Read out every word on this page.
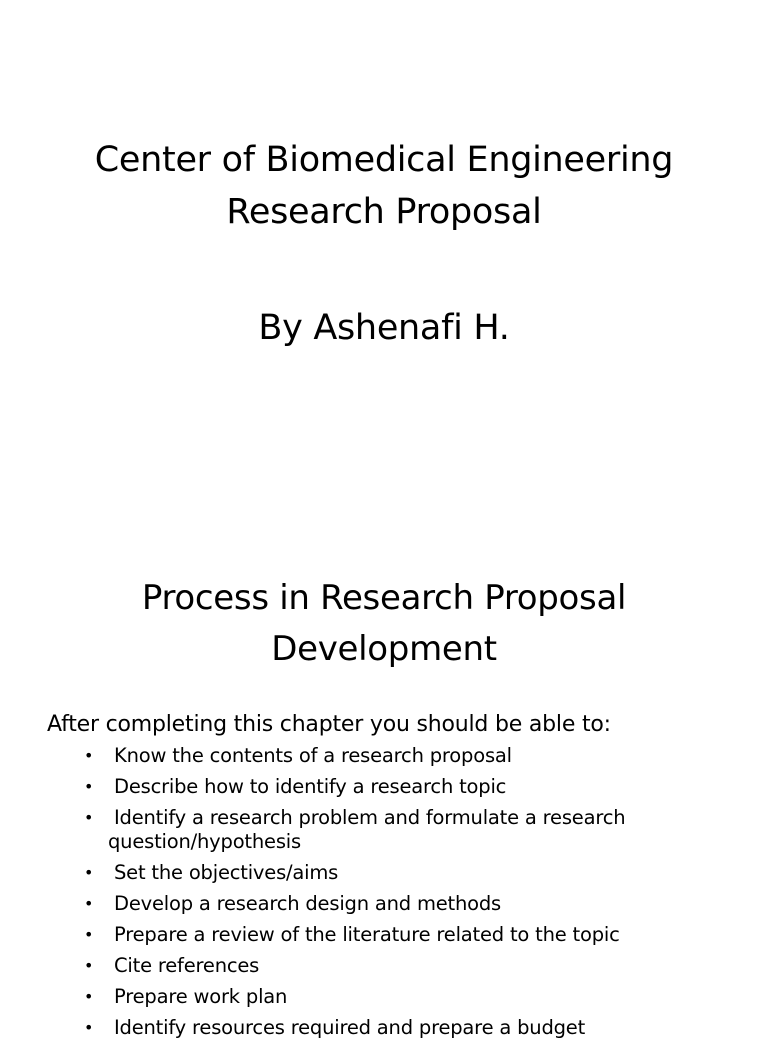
Center of Biomedical Engineering
Research Proposal
By Ashenafi H.
Process in Research Proposal
Development
After completing this chapter you should be able to:
• Know the contents of a research proposal
• Describe how to identify a research topic
• Identify a research problem and formulate a research
question/hypothesis
• Set the objectives/aims
• Develop a research design and methods
• Prepare a review of the literature related to the topic
• Cite references
• Prepare work plan
• Identify resources required and prepare a budget
